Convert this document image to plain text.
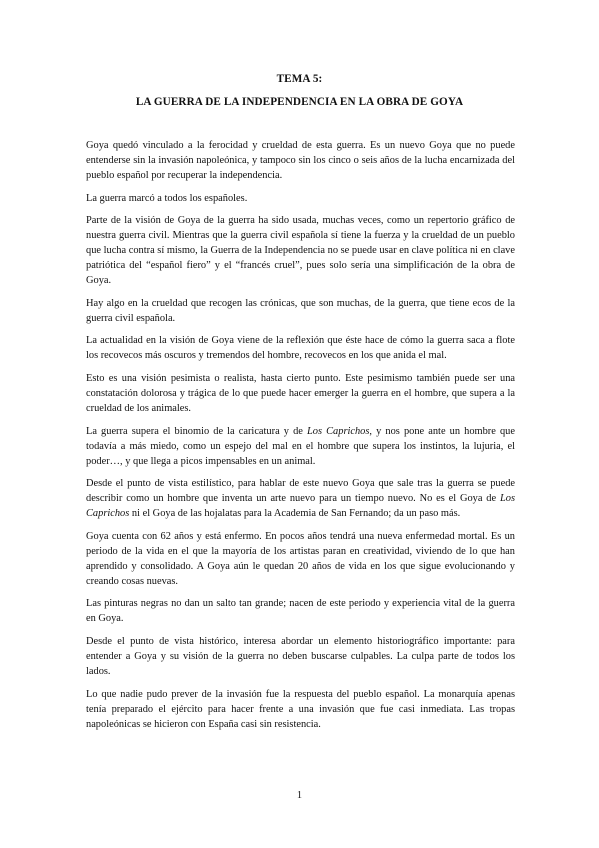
TEMA 5:
LA GUERRA DE LA INDEPENDENCIA EN LA OBRA DE GOYA

Goya quedó vinculado a la ferocidad y crueldad de esta guerra. Es un nuevo Goya que no puede entenderse sin la invasión napoleónica, y tampoco sin los cinco o seis años de la lucha encarnizada del pueblo español por recuperar la independencia.

La guerra marcó a todos los españoles.

Parte de la visión de Goya de la guerra ha sido usada, muchas veces, como un repertorio gráfico de nuestra guerra civil. Mientras que la guerra civil española sí tiene la fuerza y la crueldad de un pueblo que lucha contra sí mismo, la Guerra de la Independencia no se puede usar en clave política ni en clave patriótica del “español fiero” y el “francés cruel”, pues solo sería una simplificación de la obra de Goya.

Hay algo en la crueldad que recogen las crónicas, que son muchas, de la guerra, que tiene ecos de la guerra civil española.

La actualidad en la visión de Goya viene de la reflexión que éste hace de cómo la guerra saca a flote los recovecos más oscuros y tremendos del hombre, recovecos en los que anida el mal.

Esto es una visión pesimista o realista, hasta cierto punto. Este pesimismo también puede ser una constatación dolorosa y trágica de lo que puede hacer emerger la guerra en el hombre, que supera a la crueldad de los animales.

La guerra supera el binomio de la caricatura y de Los Caprichos, y nos pone ante un hombre que todavía a más miedo, como un espejo del mal en el hombre que supera los instintos, la lujuria, el poder…, y que llega a picos impensables en un animal.

Desde el punto de vista estilístico, para hablar de este nuevo Goya que sale tras la guerra se puede describir como un hombre que inventa un arte nuevo para un tiempo nuevo. No es el Goya de Los Caprichos ni el Goya de las hojalatas para la Academia de San Fernando; da un paso más.

Goya cuenta con 62 años y está enfermo. En pocos años tendrá una nueva enfermedad mortal. Es un periodo de la vida en el que la mayoría de los artistas paran en creatividad, viviendo de lo que han aprendido y consolidado. A Goya aún le quedan 20 años de vida en los que sigue evolucionando y creando cosas nuevas.

Las pinturas negras no dan un salto tan grande; nacen de este periodo y experiencia vital de la guerra en Goya.

Desde el punto de vista histórico, interesa abordar un elemento historiográfico importante: para entender a Goya y su visión de la guerra no deben buscarse culpables. La culpa parte de todos los lados.

Lo que nadie pudo prever de la invasión fue la respuesta del pueblo español. La monarquía apenas tenía preparado el ejército para hacer frente a una invasión que fue casi inmediata. Las tropas napoleónicas se hicieron con España casi sin resistencia.

1
